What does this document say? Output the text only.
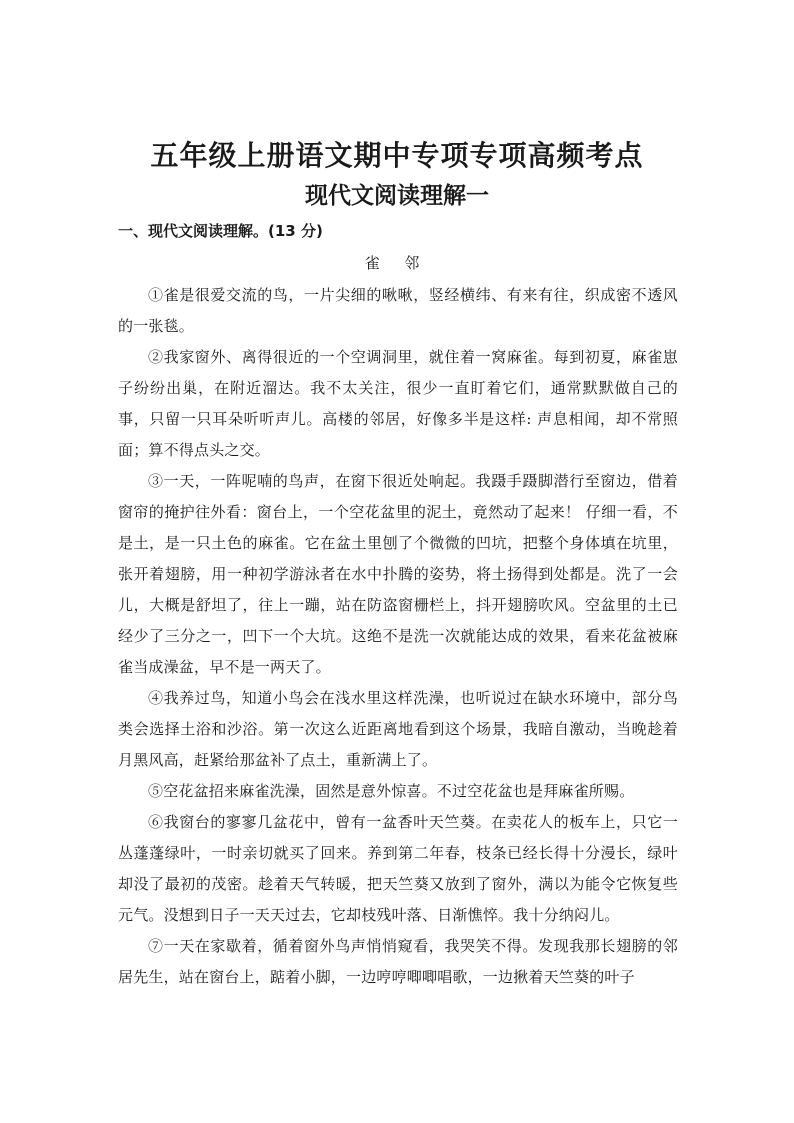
五年级上册语文期中专项专项高频考点
现代文阅读理解一
一、现代文阅读理解。(13 分)
雀 邻

①雀是很爱交流的鸟，一片尖细的啾啾，竖经横纬、有来有往，织成密不透风的一张毯。

②我家窗外、离得很近的一个空调洞里，就住着一窝麻雀。每到初夏，麻雀崽子纷纷出巢，在附近溜达。我不太关注，很少一直盯着它们，通常默默做自己的事，只留一只耳朵听听声儿。高楼的邻居，好像多半是这样: 声息相闻，却不常照面；算不得点头之交。

③一天，一阵呢喃的鸟声，在窗下很近处响起。我蹑手蹑脚潜行至窗边，借着窗帘的掩护往外看：窗台上，一个空花盆里的泥土，竟然动了起来！ 仔细一看，不是土，是一只土色的麻雀。它在盆土里刨了个微微的凹坑，把整个身体填在坑里，张开着翅膀，用一种初学游泳者在水中扑腾的姿势，将土扬得到处都是。洗了一会儿，大概是舒坦了，往上一蹦，站在防盗窗栅栏上，抖开翅膀吹风。空盆里的土已经少了三分之一，凹下一个大坑。这绝不是洗一次就能达成的效果，看来花盆被麻雀当成澡盆，早不是一两天了。

④我养过鸟，知道小鸟会在浅水里这样洗澡，也听说过在缺水环境中，部分鸟类会选择土浴和沙浴。第一次这么近距离地看到这个场景，我暗自激动，当晚趁着月黑风高，赶紧给那盆补了点土，重新满上了。

⑤空花盆招来麻雀洗澡，固然是意外惊喜。不过空花盆也是拜麻雀所赐。

⑥我窗台的寥寥几盆花中，曾有一盆香叶天竺葵。在卖花人的板车上，只它一丛蓬蓬绿叶，一时亲切就买了回来。养到第二年春，枝条已经长得十分漫长，绿叶却没了最初的茂密。趁着天气转暖，把天竺葵又放到了窗外，满以为能令它恢复些元气。没想到日子一天天过去，它却枝残叶落、日渐憔悴。我十分纳闷儿。

⑦一天在家歇着，循着窗外鸟声悄悄窥看，我哭笑不得。发现我那长翅膀的邻居先生，站在窗台上，踮着小脚，一边哼哼唧唧唱歌，一边揪着天竺葵的叶子
